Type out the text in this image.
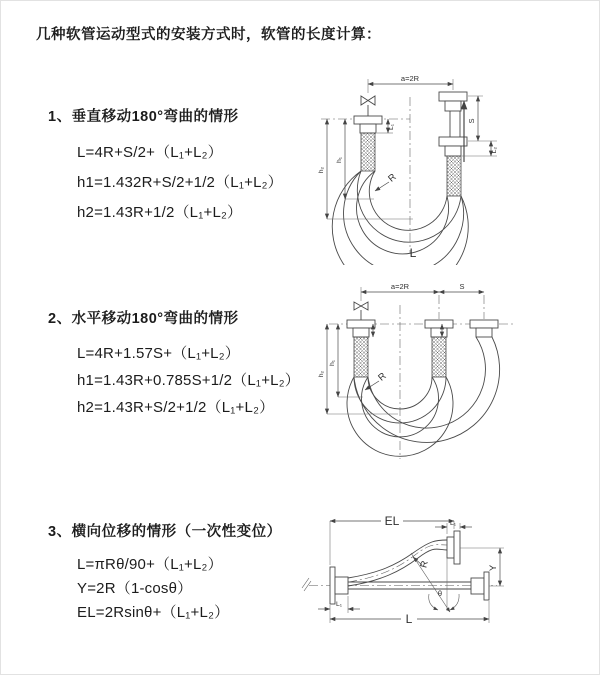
几种软管运动型式的安装方式时，软管的长度计算：
1、垂直移动180°弯曲的情形
L=4R+S/2+（L₁+L₂）
h1=1.432R+S/2+1/2（L₁+L₂）
h2=1.43R+1/2（L₁+L₂）
2、水平移动180°弯曲的情形
L=4R+1.57S+（L₁+L₂）
h1=1.43R+0.785S+1/2（L₁+L₂）
h2=1.43R+S/2+1/2（L₁+L₂）
3、横向位移的情形（一次性变位）
L=πRθ/90+（L₁+L₂）
Y=2R（1-cosθ）
EL=2Rsinθ+（L₁+L₂）
a=2R
S
L₂
L₁
h₁
h₂
R
L
a=2R	S
h₁
h₂	R
EL	L₁
Y
θ
R
L₁
L
